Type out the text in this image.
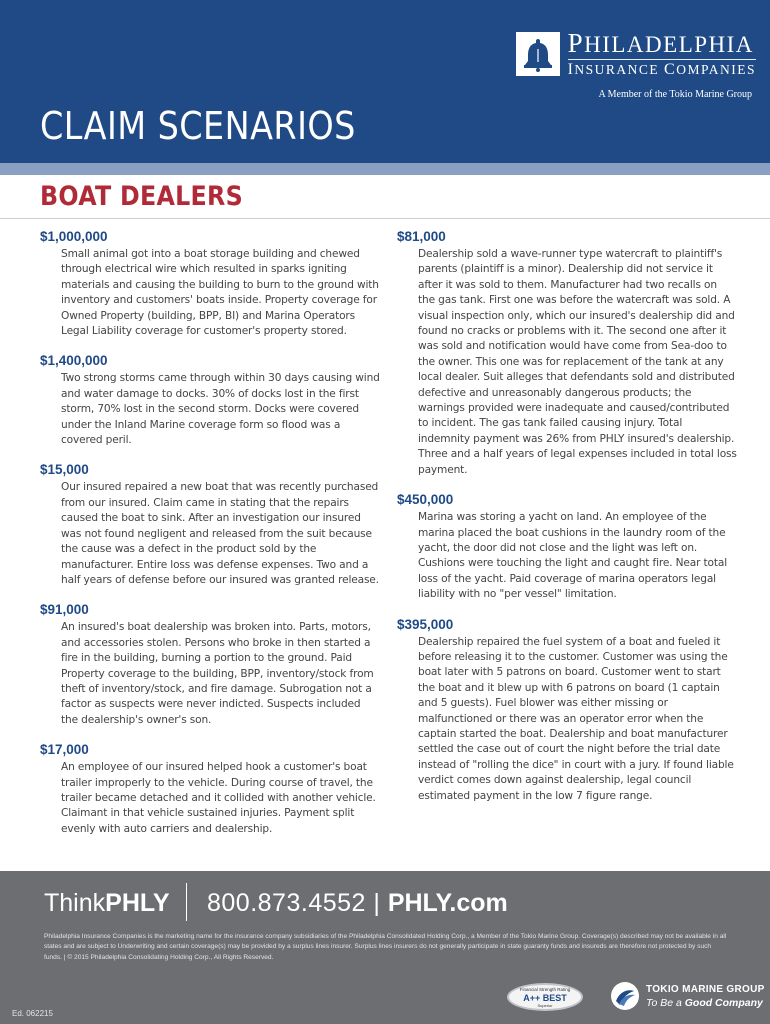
PHILADELPHIA
INSURANCE COMPANIES
A Member of the Tokio Marine Group
CLAIM SCENARIOS
BOAT DEALERS
$1,000,000

Small animal got into a boat storage building and chewed through electrical wire which resulted in sparks igniting materials and causing the building to burn to the ground with inventory and customers' boats inside. Property coverage for Owned Property (building, BPP, BI) and Marina Operators Legal Liability coverage for customer's property stored.

$1,400,000

Two strong storms came through within 30 days causing wind and water damage to docks. 30% of docks lost in the first storm, 70% lost in the second storm. Docks were covered under the Inland Marine coverage form so flood was a covered peril.

$15,000

Our insured repaired a new boat that was recently purchased from our insured. Claim came in stating that the repairs caused the boat to sink. After an investigation our insured was not found negligent and released from the suit because the cause was a defect in the product sold by the manufacturer. Entire loss was defense expenses. Two and a half years of defense before our insured was granted release.

$91,000

An insured's boat dealership was broken into. Parts, motors, and accessories stolen. Persons who broke in then started a fire in the building, burning a portion to the ground. Paid Property coverage to the building, BPP, inventory/stock from theft of inventory/stock, and fire damage. Subrogation not a factor as suspects were never indicted. Suspects included the dealership's owner's son.

$17,000

An employee of our insured helped hook a customer's boat trailer improperly to the vehicle. During course of travel, the trailer became detached and it collided with another vehicle. Claimant in that vehicle sustained injuries. Payment split evenly with auto carriers and dealership.

$81,000

Dealership sold a wave-runner type watercraft to plaintiff's parents (plaintiff is a minor). Dealership did not service it after it was sold to them. Manufacturer had two recalls on the gas tank. First one was before the watercraft was sold. A visual inspection only, which our insured's dealership did and found no cracks or problems with it. The second one after it was sold and notification would have come from Sea-doo to the owner. This one was for replacement of the tank at any local dealer. Suit alleges that defendants sold and distributed defective and unreasonably dangerous products; the warnings provided were inadequate and caused/contributed to incident. The gas tank failed causing injury. Total indemnity payment was 26% from PHLY insured's dealership. Three and a half years of legal expenses included in total loss payment.

$450,000

Marina was storing a yacht on land. An employee of the marina placed the boat cushions in the laundry room of the yacht, the door did not close and the light was left on. Cushions were touching the light and caught fire. Near total loss of the yacht. Paid coverage of marina operators legal liability with no "per vessel" limitation.

$395,000

Dealership repaired the fuel system of a boat and fueled it before releasing it to the customer. Customer was using the boat later with 5 patrons on board. Customer went to start the boat and it blew up with 6 patrons on board (1 captain and 5 guests). Fuel blower was either missing or malfunctioned or there was an operator error when the captain started the boat. Dealership and boat manufacturer settled the case out of court the night before the trial date instead of "rolling the dice" in court with a jury. If found liable verdict comes down against dealership, legal council estimated payment in the low 7 figure range.

ThinkPHLY 800.873.4552 | PHLY.com

Philadelphia Insurance Companies is the marketing name for the insurance company subsidiaries of the Philadelphia Consolidated Holding Corp., a Member of the Tokio Marine Group. Coverage(s) described may not be available in all states and are subject to Underwriting and certain coverage(s) may be provided by a surplus lines insurer. Surplus lines insurers do not generally participate in state guaranty funds and insureds are therefore not protected by such funds. | © 2015 Philadelphia Consolidating Holding Corp., All Rights Reserved.

Ed. 062215
Financial Strength Rating
A++ BEST
Superior
TOKIO MARINE GROUP
To Be a Good Company
